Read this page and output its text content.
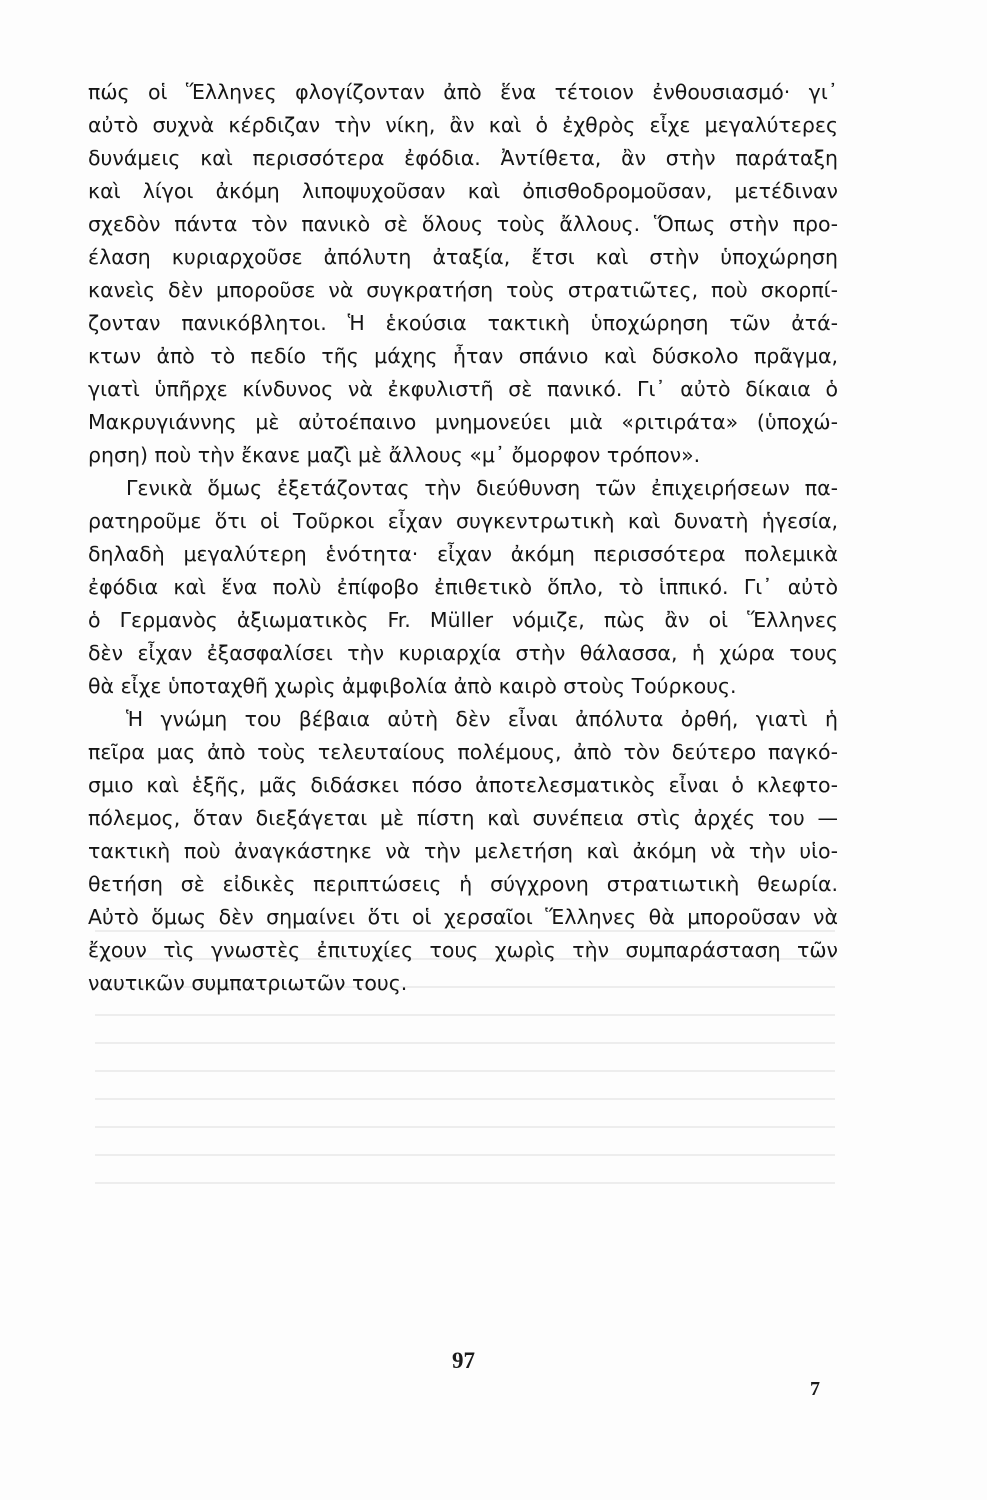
πώς οἱ Ἕλληνες φλογίζονταν ἀπὸ ἕνα τέτοιον ἐνθουσιασμό· γι᾽
αὐτὸ συχνὰ κέρδιζαν τὴν νίκη, ἂν καὶ ὁ ἐχθρὸς εἶχε μεγαλύτερες
δυνάμεις καὶ περισσότερα ἐφόδια. Ἀντίθετα, ἂν στὴν παράταξη
καὶ λίγοι ἀκόμη λιποψυχοῦσαν καὶ ὀπισθοδρομοῦσαν, μετέδιναν
σχεδὸν πάντα τὸν πανικὸ σὲ ὅλους τοὺς ἄλλους. Ὅπως στὴν προ-
έλαση κυριαρχοῦσε ἀπόλυτη ἀταξία, ἔτσι καὶ στὴν ὑποχώρηση
κανεὶς δὲν μποροῦσε νὰ συγκρατήση τοὺς στρατιῶτες, ποὺ σκορπί-
ζονταν πανικόβλητοι. Ἡ ἑκούσια τακτικὴ ὑποχώρηση τῶν ἀτά-
κτων ἀπὸ τὸ πεδίο τῆς μάχης ἦταν σπάνιο καὶ δύσκολο πρᾶγμα,
γιατὶ ὑπῆρχε κίνδυνος νὰ ἐκφυλιστῆ σὲ πανικό. Γι᾽ αὐτὸ δίκαια ὁ
Μακρυγιάννης μὲ αὐτοέπαινο μνημονεύει μιὰ «ριτιράτα» (ὑποχώ-
ρηση) ποὺ τὴν ἔκανε μαζὶ μὲ ἄλλους «μ᾽ ὄμορφον τρόπον».
Γενικὰ ὅμως ἐξετάζοντας τὴν διεύθυνση τῶν ἐπιχειρήσεων πα-
ρατηροῦμε ὅτι οἱ Τοῦρκοι εἶχαν συγκεντρωτικὴ καὶ δυνατὴ ἡγεσία,
δηλαδὴ μεγαλύτερη ἑνότητα· εἶχαν ἀκόμη περισσότερα πολεμικὰ
ἐφόδια καὶ ἕνα πολὺ ἐπίφοβο ἐπιθετικὸ ὅπλο, τὸ ἱππικό. Γι᾽ αὐτὸ
ὁ Γερμανὸς ἀξιωματικὸς Fr. Müller νόμιζε, πὼς ἂν οἱ Ἕλληνες
δὲν εἶχαν ἐξασφαλίσει τὴν κυριαρχία στὴν θάλασσα, ἡ χώρα τους
θὰ εἶχε ὑποταχθῆ χωρὶς ἀμφιβολία ἀπὸ καιρὸ στοὺς Τούρκους.
Ἡ γνώμη του βέβαια αὐτὴ δὲν εἶναι ἀπόλυτα ὀρθή, γιατὶ ἡ
πεῖρα μας ἀπὸ τοὺς τελευταίους πολέμους, ἀπὸ τὸν δεύτερο παγκό-
σμιο καὶ ἑξῆς, μᾶς διδάσκει πόσο ἀποτελεσματικὸς εἶναι ὁ κλεφτο-
πόλεμος, ὅταν διεξάγεται μὲ πίστη καὶ συνέπεια στὶς ἀρχές του —
τακτικὴ ποὺ ἀναγκάστηκε νὰ τὴν μελετήση καὶ ἀκόμη νὰ τὴν υἱο-
θετήση σὲ εἰδικὲς περιπτώσεις ἡ σύγχρονη στρατιωτικὴ θεωρία.
Αὐτὸ ὅμως δὲν σημαίνει ὅτι οἱ χερσαῖοι Ἕλληνες θὰ μποροῦσαν νὰ
ἔχουν τὶς γνωστὲς ἐπιτυχίες τους χωρὶς τὴν συμπαράσταση τῶν
ναυτικῶν συμπατριωτῶν τους.
97
7
